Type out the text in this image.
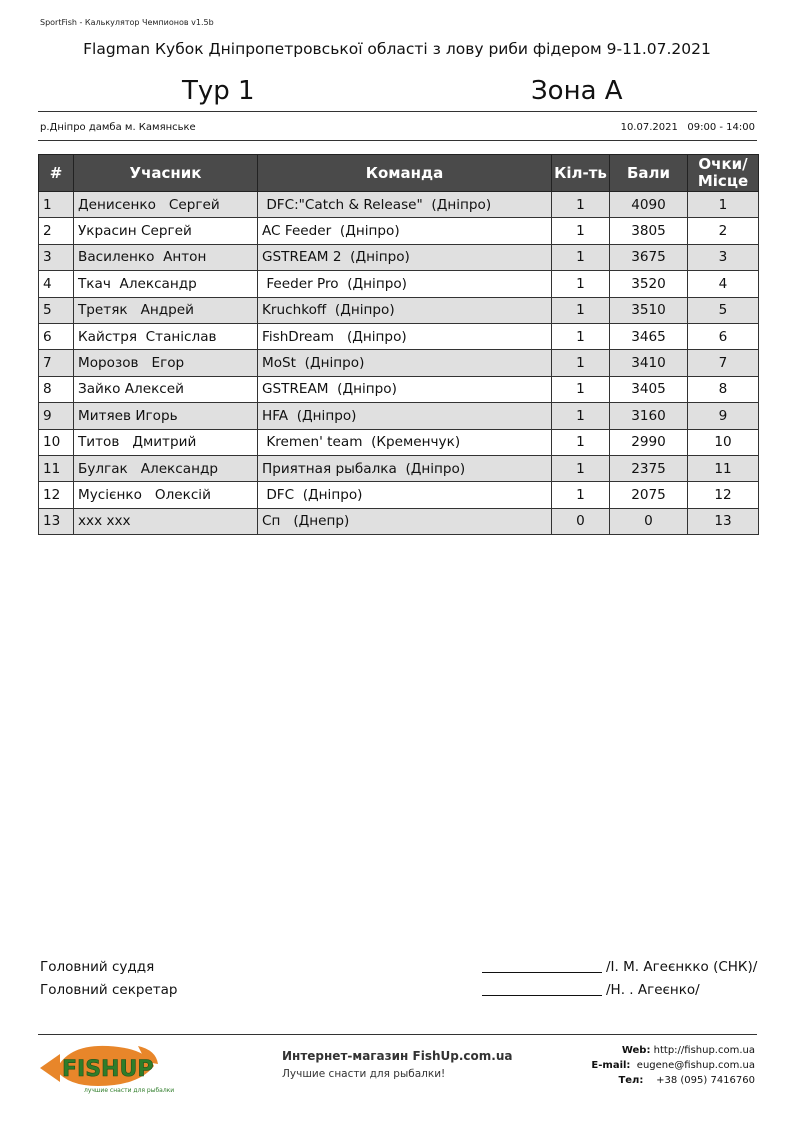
SportFish - Калькулятор Чемпионов v1.5b
Flagman Кубок Дніпропетровської області з лову риби фідером 9-11.07.2021
Тур 1	Зона А
р.Дніпро дамба м. Камянське	10.07.2021 09:00 - 14:00
#	Учасник	Команда	Кіл-ть	Бали	Очки/ Місце
1	Денисенко   Сергей	DFC:"Catch & Release"  (Дніпро)	1	4090	1
2	Украсин Сергей	AC Feeder  (Дніпро)	1	3805	2
3	Василенко  Антон	GSTREAM 2  (Дніпро)	1	3675	3
4	Ткач  Александр	Feeder Pro  (Дніпро)	1	3520	4
5	Третяк   Андрей	Kruchkoff  (Дніпро)	1	3510	5
6	Кайстря  Станіслав	FishDream   (Дніпро)	1	3465	6
7	Морозов   Егор	MoSt  (Дніпро)	1	3410	7
8	Зайко Алексей	GSTREAM  (Дніпро)	1	3405	8
9	Митяев Игорь	HFA  (Дніпро)	1	3160	9
10	Титов   Дмитрий	Kremen' team  (Кременчук)	1	2990	10
11	Булгак   Александр	Приятная рыбалка  (Дніпро)	1	2375	11
12	Мусієнко   Олексій	DFC  (Дніпро)	1	2075	12
13	xxx xxx	Сп   (Днепр)	0	0	13
Головний суддя	/І. М. Агеєнкко (СНК)/
Головний секретар	/Н. . Агеєнко/
FISHUP
лучшие снасти для рыбалки
Интернет-магазин FishUp.com.ua
Лучшие снасти для рыбалки!
Web: http://fishup.com.ua
E-mail: eugene@fishup.com.ua
Tел: +38 (095) 7416760
